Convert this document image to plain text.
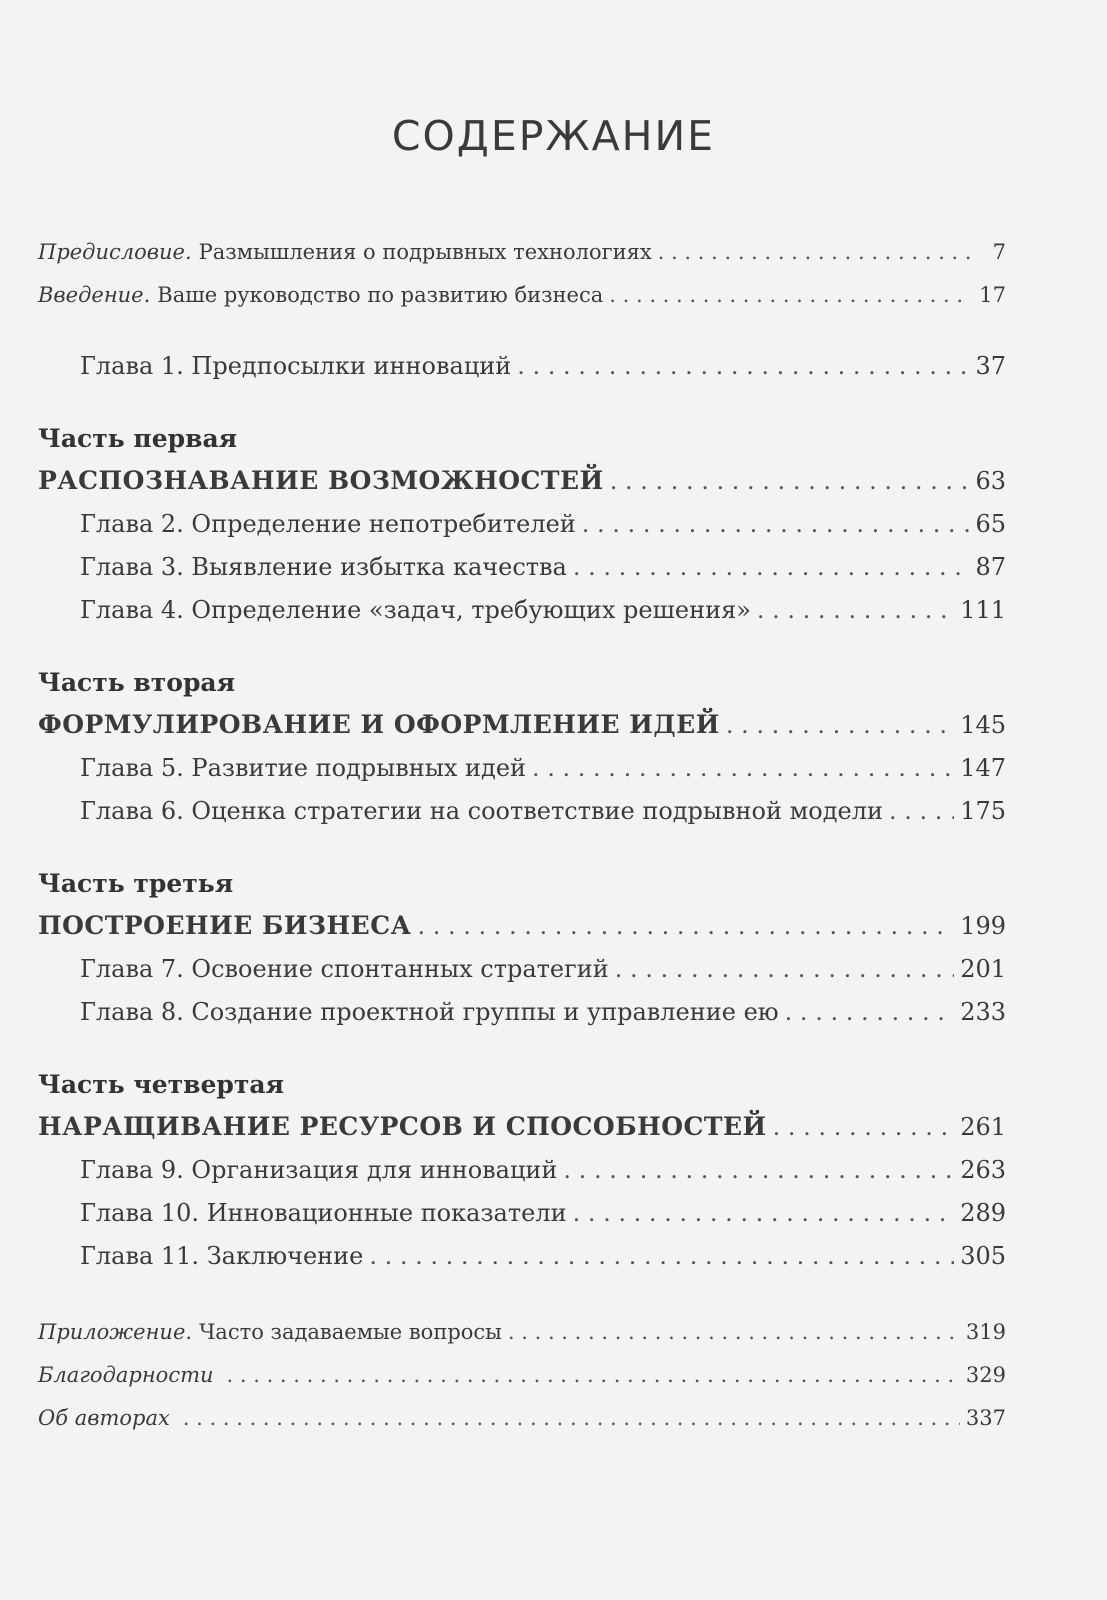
СОДЕРЖАНИЕ
Предисловие. Размышления о подрывных технологиях . . .	7
Введение. Ваше руководство по развитию бизнеса . . .	17
Глава 1. Предпосылки инноваций . . .	37
Часть первая
РАСПОЗНАВАНИЕ ВОЗМОЖНОСТЕЙ . . .	63
Глава 2. Определение непотребителей . . .	65
Глава 3. Выявление избытка качества . . .	87
Глава 4. Определение «задач, требующих решения» . . .	111
Часть вторая
ФОРМУЛИРОВАНИЕ И ОФОРМЛЕНИЕ ИДЕЙ . . .	145
Глава 5. Развитие подрывных идей . . .	147
Глава 6. Оценка стратегии на соответствие подрывной модели . . .	175
Часть третья
ПОСТРОЕНИЕ БИЗНЕСА . . .	199
Глава 7. Освоение спонтанных стратегий . . .	201
Глава 8. Создание проектной группы и управление ею . . .	233
Часть четвертая
НАРАЩИВАНИЕ РЕСУРСОВ И СПОСОБНОСТЕЙ . . .	261
Глава 9. Организация для инноваций . . .	263
Глава 10. Инновационные показатели . . .	289
Глава 11. Заключение . . .	305
Приложение. Часто задаваемые вопросы . . .	319
Благодарности . . .	329
Об авторах . . .	337
